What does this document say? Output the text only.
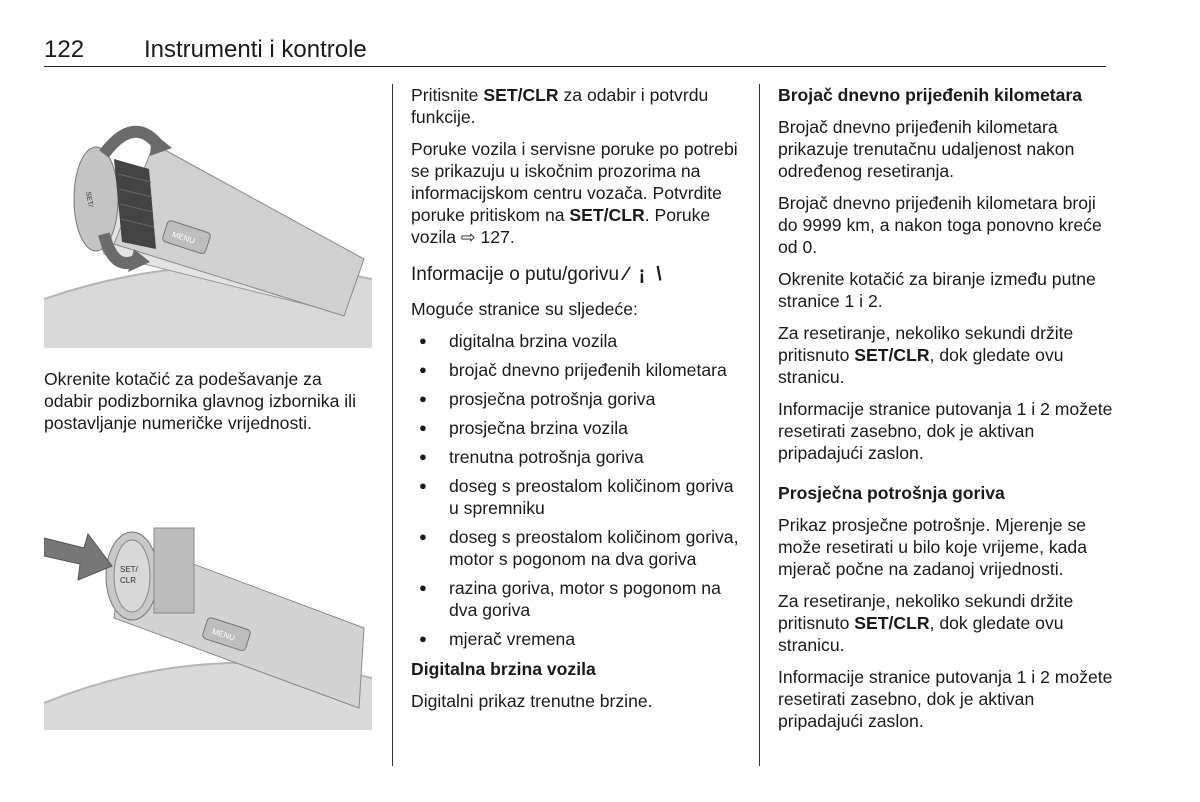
122 Instrumenti i kontrole
MENU
SET/
Okrenite kotačić za podešavanje za odabir podizbornika glavnog izbornika ili postavljanje numeričke vrijednosti.
MENU
SET/
CLR

Pritisnite SET/CLR za odabir i potvrdu funkcije.

Poruke vozila i servisne poruke po potrebi se prikazuju u iskočnim prozorima na informacijskom centru vozača. Potvrdite poruke pritiskom na SET/CLR. Poruke vozila ⇨ 127.

Informacije o putu/gorivu ∕ ¡ \

Moguće stranice su sljedeće:

● digitalna brzina vozila
● brojač dnevno prijeđenih kilometara
● prosječna potrošnja goriva
● prosječna brzina vozila
● trenutna potrošnja goriva
● doseg s preostalom količinom goriva u spremniku
● doseg s preostalom količinom goriva, motor s pogonom na dva goriva
● razina goriva, motor s pogonom na dva goriva
● mjerač vremena

Digitalna brzina vozila

Digitalni prikaz trenutne brzine.

Brojač dnevno prijeđenih kilometara

Brojač dnevno prijeđenih kilometara prikazuje trenutačnu udaljenost nakon određenog resetiranja.

Brojač dnevno prijeđenih kilometara broji do 9999 km, a nakon toga ponovno kreće od 0.

Okrenite kotačić za biranje između putne stranice 1 i 2.

Za resetiranje, nekoliko sekundi držite pritisnuto SET/CLR, dok gledate ovu stranicu.

Informacije stranice putovanja 1 i 2 možete resetirati zasebno, dok je aktivan pripadajući zaslon.

Prosječna potrošnja goriva

Prikaz prosječne potrošnje. Mjerenje se može resetirati u bilo koje vrijeme, kada mjerač počne na zadanoj vrijednosti.

Za resetiranje, nekoliko sekundi držite pritisnuto SET/CLR, dok gledate ovu stranicu.

Informacije stranice putovanja 1 i 2 možete resetirati zasebno, dok je aktivan pripadajući zaslon.
